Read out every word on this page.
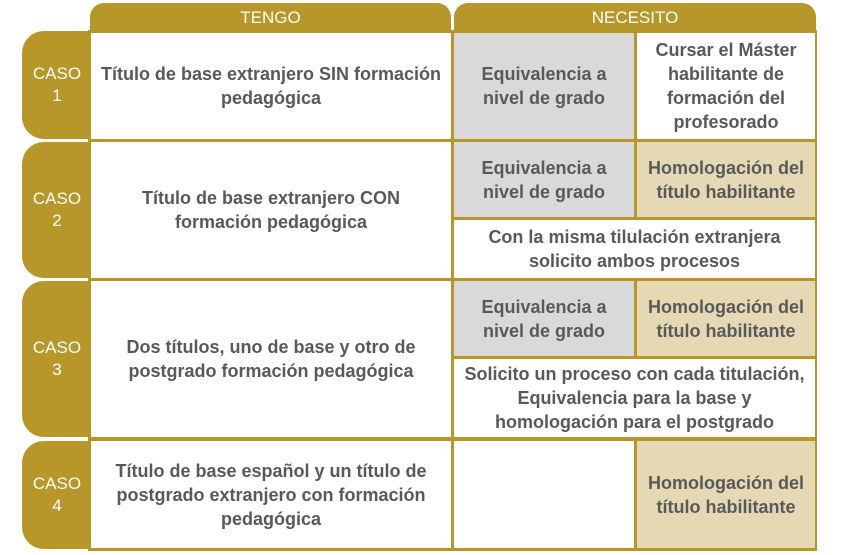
TENGO	NECESITO
CASO
1
CASO
2
CASO
3
CASO
4
Título de base extranjero SIN formación pedagógica
Equivalencia a nivel de grado
Cursar el Máster habilitante de formación del profesorado
Título de base extranjero CON formación pedagógica
Equivalencia a nivel de grado
Homologación del título habilitante
Con la misma tilulación extranjera solicito ambos procesos
Dos títulos, uno de base y otro de postgrado formación pedagógica
Equivalencia a nivel de grado
Homologación del título habilitante
Solicito un proceso con cada titulación, Equivalencia para la base y homologación para el postgrado
Título de base español y un título de postgrado extranjero con formación pedagógica
Homologación del título habilitante
